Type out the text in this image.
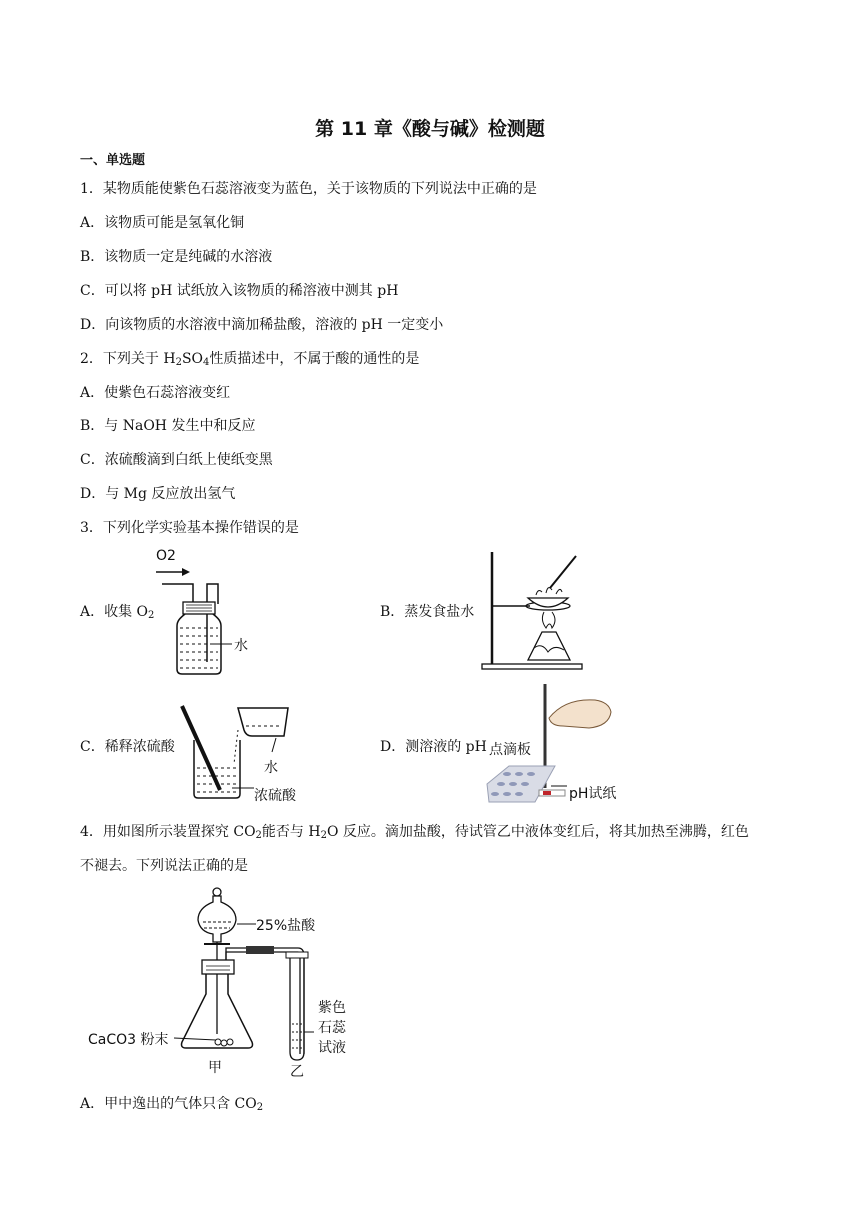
第 11 章《酸与碱》检测题
一、单选题
1．某物质能使紫色石蕊溶液变为蓝色，关于该物质的下列说法中正确的是
A．该物质可能是氢氧化铜
B．该物质一定是纯碱的水溶液
C．可以将 pH 试纸放入该物质的稀溶液中测其 pH
D．向该物质的水溶液中滴加稀盐酸，溶液的 pH 一定变小
2．下列关于 $H_2SO_4$性质描述中，不属于酸的通性的是
A．使紫色石蕊溶液变红
B．与 NaOH 发生中和反应
C．浓硫酸滴到白纸上使纸变黑
D．与 Mg 反应放出氢气
3．下列化学实验基本操作错误的是
A．收集 $O_2$	B．蒸发食盐水
C．稀释浓硫酸	D．测溶液的 pH
O2
水
水
浓硫酸
点滴板
pH试纸
4．用如图所示装置探究 $CO_2$能否与 $H_2O$ 反应。滴加盐酸，待试管乙中液体变红后，将其加热至沸腾，红色
不褪去。下列说法正确的是
25%盐酸
CaCO3 粉末
甲
紫色
石蕊
试液
乙
A．甲中逸出的气体只含 $CO_2$
